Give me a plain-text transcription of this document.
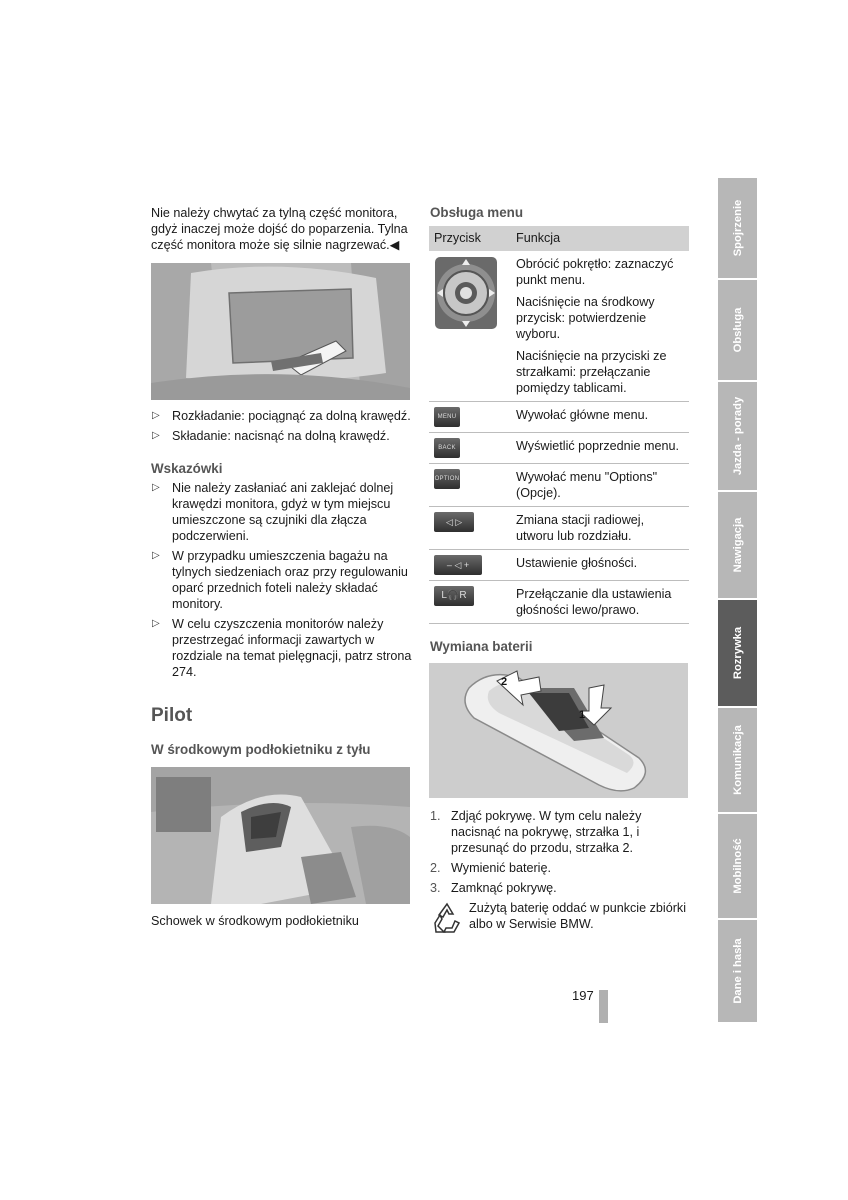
Nie należy chwytać za tylną część monitora, gdyż inaczej może dojść do poparzenia. Tylna część monitora może się silnie nagrzewać.◀

▷ Rozkładanie: pociągnąć za dolną krawędź.
▷ Składanie: nacisnąć na dolną krawędź.

Wskazówki

▷ Nie należy zasłaniać ani zaklejać dolnej krawędzi monitora, gdyż w tym miejscu umieszczone są czujniki dla złącza podczerwieni.
▷ W przypadku umieszczenia bagażu na tylnych siedzeniach oraz przy regulowaniu oparć przednich foteli należy składać monitory.
▷ W celu czyszczenia monitorów należy przestrzegać informacji zawartych w rozdziale na temat pielęgnacji, patrz strona 274.

Pilot

W środkowym podłokietniku z tyłu

Schowek w środkowym podłokietniku

Obsługa menu

Przycisk	Funkcja

Obrócić pokrętło: zaznaczyć punkt menu.

Naciśnięcie na środkowy przycisk: potwierdzenie wyboru.

Naciśnięcie na przyciski ze strzałkami: przełączanie pomiędzy tablicami.

MENU	Wywołać główne menu.

BACK	Wyświetlić poprzednie menu.

OPTION	Wywołać menu "Options" (Opcje).

◁ ▷	Zmiana stacji radiowej, utworu lub rozdziału.

– ◁ +	Ustawienie głośności.

L🎧R	Przełączanie dla ustawienia głośności lewo/prawo.

Wymiana baterii

2
1
1. Zdjąć pokrywę. W tym celu należy nacisnąć na pokrywę, strzałka 1, i przesunąć do przodu, strzałka 2.
2. Wymienić baterię.
3. Zamknąć pokrywę.

Zużytą baterię oddać w punkcie zbiórki albo w Serwisie BMW.

197

Spojrzenie
Obsługa
Jazda - porady
Nawigacja
Rozrywka
Komunikacja
Mobilność
Dane i hasła
